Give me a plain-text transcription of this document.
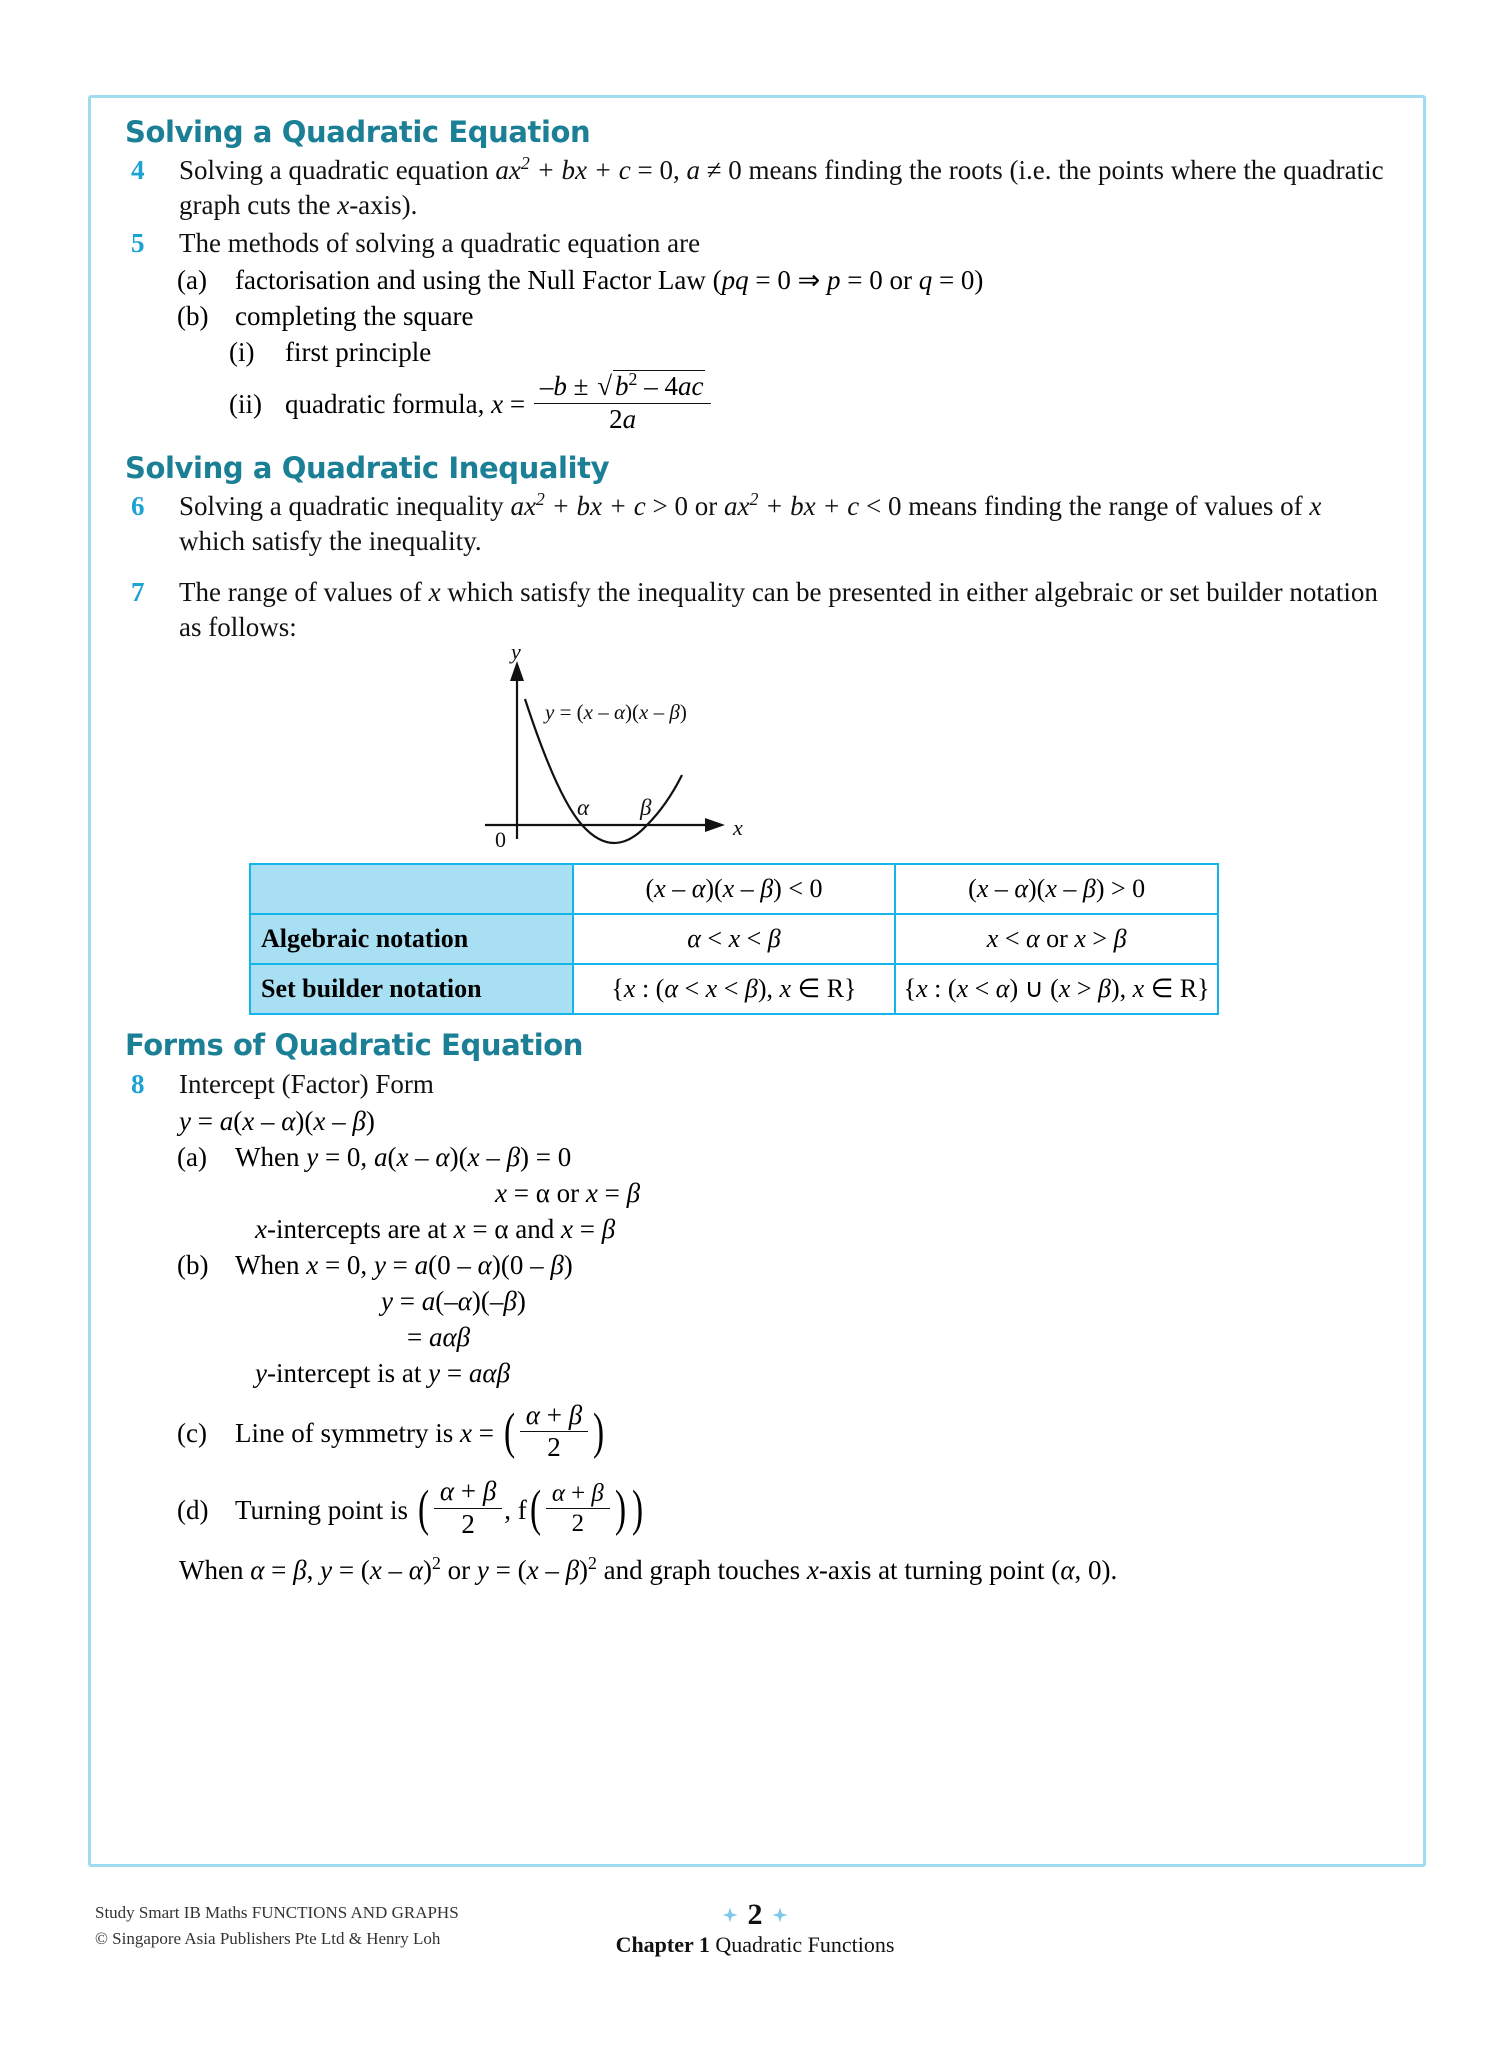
Solving a Quadratic Equation
4	Solving a quadratic equation $ax^2$ + bx + c = 0, a ≠ 0 means finding the roots (i.e. the points where the quadratic graph cuts the x-axis).
5	The methods of solving a quadratic equation are
(a)	factorisation and using the Null Factor Law (pq = 0 ⇒ p = 0 or q = 0)
(b) completing the square
(i)	first principle
(ii) quadratic formula, $x = \frac{-b \pm √ b^2 - 4ac}{2a}$
Solving a Quadratic Inequality
6	Solving a quadratic inequality $ax^2$ + bx + c > 0 or $ax^2$ + bx + c < 0 means finding the range of values of x which satisfy the inequality.
7	The range of values of x which satisfy the inequality can be presented in either algebraic or set builder notation as follows:
y
x
0
y = (x – α)(x – β)
α β
	(x – α)(x – β) < 0	(x – α)(x – β) > 0
Algebraic notation	α < x < β	x < α or x > β
Set builder notation	{x : (α < x < β), x ∈ R}	{x : (x < α) ∪ (x > β), x ∈ R}
Forms of Quadratic Equation
8	Intercept (Factor) Form
y = a(x – α)(x – β)
(a)	When y = 0, a(x – α)(x – β) = 0
x = α or x = β
x-intercepts are at x = α and x = β
(b) When x = 0, y = a(0 – α)(0 – β)
y = a(–α)(–β)
= aαβ
y-intercept is at y = aαβ
(c)	Line of symmetry is x = ( $\frac{\alpha + \beta}{2}$ )
(d) Turning point is ( $\frac{\alpha + \beta}{2}$ , f ( $\frac{\alpha + \beta}{2}$ ) )
When α = β, y = (x – α)$^2$ or y = (x – β)$^2$ and graph touches x-axis at turning point (α, 0).
Study Smart IB Maths FUNCTIONS AND GRAPHS
© Singapore Asia Publishers Pte Ltd & Henry Loh
2
Chapter 1 Quadratic Functions
